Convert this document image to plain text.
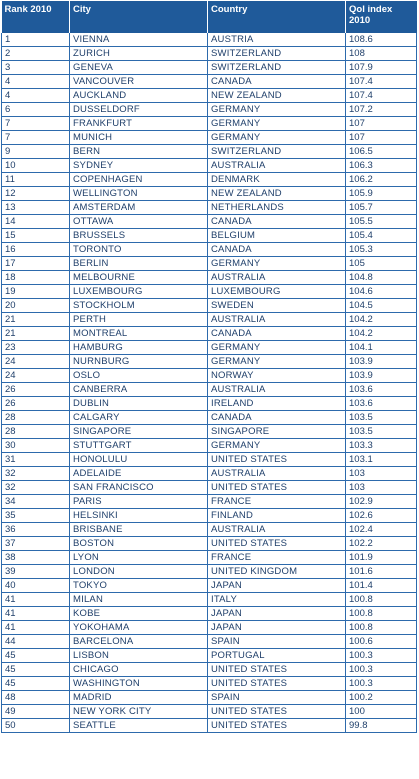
Rank 2010	City	Country	Qol index
2010
1	VIENNA	AUSTRIA	108.6
2	ZURICH	SWITZERLAND	108
3	GENEVA	SWITZERLAND	107.9
4	VANCOUVER	CANADA	107.4
4	AUCKLAND	NEW ZEALAND	107.4
6	DUSSELDORF	GERMANY	107.2
7	FRANKFURT	GERMANY	107
7	MUNICH	GERMANY	107
9	BERN	SWITZERLAND	106.5
10	SYDNEY	AUSTRALIA	106.3
11	COPENHAGEN	DENMARK	106.2
12	WELLINGTON	NEW ZEALAND	105.9
13	AMSTERDAM	NETHERLANDS	105.7
14	OTTAWA	CANADA	105.5
15	BRUSSELS	BELGIUM	105.4
16	TORONTO	CANADA	105.3
17	BERLIN	GERMANY	105
18	MELBOURNE	AUSTRALIA	104.8
19	LUXEMBOURG	LUXEMBOURG	104.6
20	STOCKHOLM	SWEDEN	104.5
21	PERTH	AUSTRALIA	104.2
21	MONTREAL	CANADA	104.2
23	HAMBURG	GERMANY	104.1
24	NURNBURG	GERMANY	103.9
24	OSLO	NORWAY	103.9
26	CANBERRA	AUSTRALIA	103.6
26	DUBLIN	IRELAND	103.6
28	CALGARY	CANADA	103.5
28	SINGAPORE	SINGAPORE	103.5
30	STUTTGART	GERMANY	103.3
31	HONOLULU	UNITED STATES	103.1
32	ADELAIDE	AUSTRALIA	103
32	SAN FRANCISCO	UNITED STATES	103
34	PARIS	FRANCE	102.9
35	HELSINKI	FINLAND	102.6
36	BRISBANE	AUSTRALIA	102.4
37	BOSTON	UNITED STATES	102.2
38	LYON	FRANCE	101.9
39	LONDON	UNITED KINGDOM	101.6
40	TOKYO	JAPAN	101.4
41	MILAN	ITALY	100.8
41	KOBE	JAPAN	100.8
41	YOKOHAMA	JAPAN	100.8
44	BARCELONA	SPAIN	100.6
45	LISBON	PORTUGAL	100.3
45	CHICAGO	UNITED STATES	100.3
45	WASHINGTON	UNITED STATES	100.3
48	MADRID	SPAIN	100.2
49	NEW YORK CITY	UNITED STATES	100
50	SEATTLE	UNITED STATES	99.8
